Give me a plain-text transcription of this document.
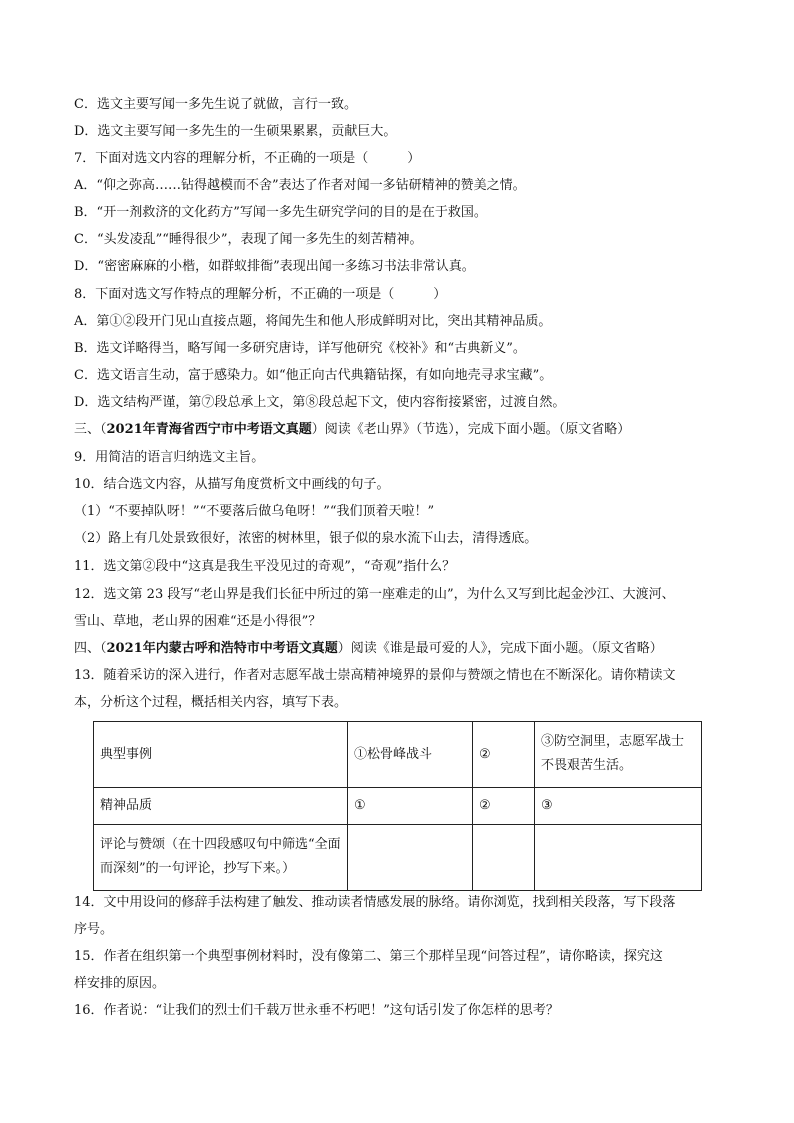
C．选文主要写闻一多先生说了就做，言行一致。
D．选文主要写闻一多先生的一生硕果累累，贡献巨大。
7．下面对选文内容的理解分析，不正确的一项是（　　　）
A．“仰之弥高……钻得越模而不舍”表达了作者对闻一多钻研精神的赞美之情。
B．“开一剂救济的文化药方”写闻一多先生研究学问的目的是在于救国。
C．“头发凌乱”“睡得很少”，表现了闻一多先生的刻苦精神。
D．“密密麻麻的小楷，如群蚁排衙”表现出闻一多练习书法非常认真。
8．下面对选文写作特点的理解分析，不正确的一项是（　　　）
A．第①②段开门见山直接点题，将闻先生和他人形成鲜明对比，突出其精神品质。
B．选文详略得当，略写闻一多研究唐诗，详写他研究《校补》和“古典新义”。
C．选文语言生动，富于感染力。如“他正向古代典籍钻探，有如向地壳寻求宝藏”。
D．选文结构严谨，第⑦段总承上文，第⑧段总起下文，使内容衔接紧密，过渡自然。
三、（2021年青海省西宁市中考语文真题）阅读《老山界》（节选），完成下面小题。（原文省略）
9．用简洁的语言归纳选文主旨。
10．结合选文内容，从描写角度赏析文中画线的句子。
（1）“不要掉队呀！”“不要落后做乌龟呀！”“我们顶着天啦！”
（2）路上有几处景致很好，浓密的树林里，银子似的泉水流下山去，清得透底。
11．选文第②段中“这真是我生平没见过的奇观”，“奇观”指什么？
12．选文第 23 段写“老山界是我们长征中所过的第一座难走的山”，为什么又写到比起金沙江、大渡河、
雪山、草地，老山界的困难“还是小得很”？
四、（2021年内蒙古呼和浩特市中考语文真题）阅读《谁是最可爱的人》，完成下面小题。（原文省略）
13．随着采访的深入进行，作者对志愿军战士崇高精神境界的景仰与赞颂之情也在不断深化。请你精读文
本，分析这个过程，概括相关内容，填写下表。
典型事例	①松骨峰战斗	②	③防空洞里，志愿军战士不畏艰苦生活。
精神品质	①	②	③
评论与赞颂（在十四段感叹句中筛选“全面而深刻”的一句评论，抄写下来。）			
14．文中用设问的修辞手法构建了触发、推动读者情感发展的脉络。请你浏览，找到相关段落，写下段落
序号。
15．作者在组织第一个典型事例材料时，没有像第二、第三个那样呈现“问答过程”，请你略读，探究这
样安排的原因。
16．作者说：“让我们的烈士们千载万世永垂不朽吧！”这句话引发了你怎样的思考？
